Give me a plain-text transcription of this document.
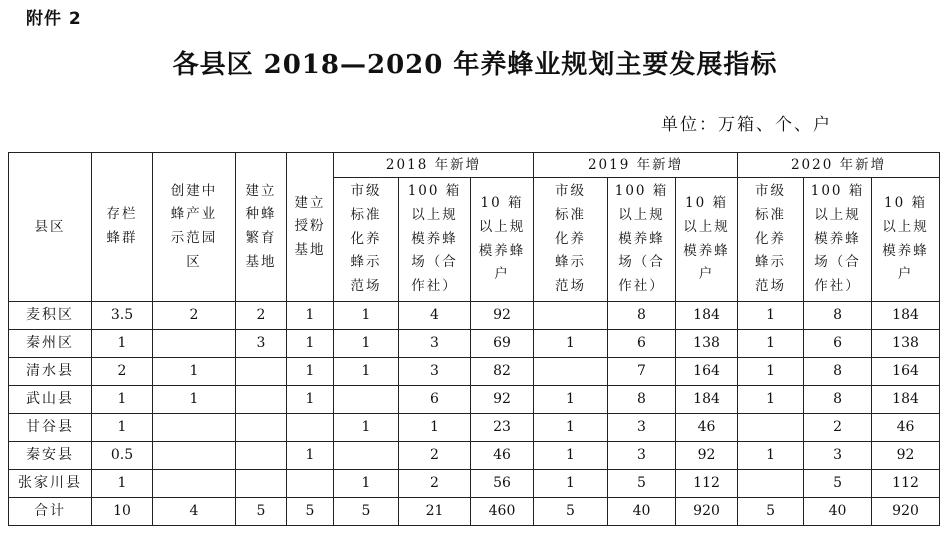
附件 2
各县区 2018—2020 年养蜂业规划主要发展指标
单位：万箱、个、户
县区	存栏蜂群	创建中蜂产业示范园区	建立种蜂繁育基地	建立授粉基地	2018 年新增			2019 年新增			2020 年新增		
					市级标准化养蜂示范场	100 箱以上规模养蜂场（合作社）	10 箱以上规模养蜂户	市级标准化养蜂示范场	100 箱以上规模养蜂场（合作社）	10 箱以上规模养蜂户	市级标准化养蜂示范场	100 箱以上规模养蜂场（合作社）	10 箱以上规模养蜂户
麦积区	3.5	2	2	1	1	4	92		8	184	1	8	184
秦州区	1		3	1	1	3	69	1	6	138	1	6	138
清水县	2	1		1	1	3	82		7	164	1	8	164
武山县	1	1		1		6	92	1	8	184	1	8	184
甘谷县	1				1	1	23	1	3	46		2	46
秦安县	0.5			1		2	46	1	3	92	1	3	92
张家川县	1				1	2	56	1	5	112		5	112
合计	10	4	5	5	5	21	460	5	40	920	5	40	920
